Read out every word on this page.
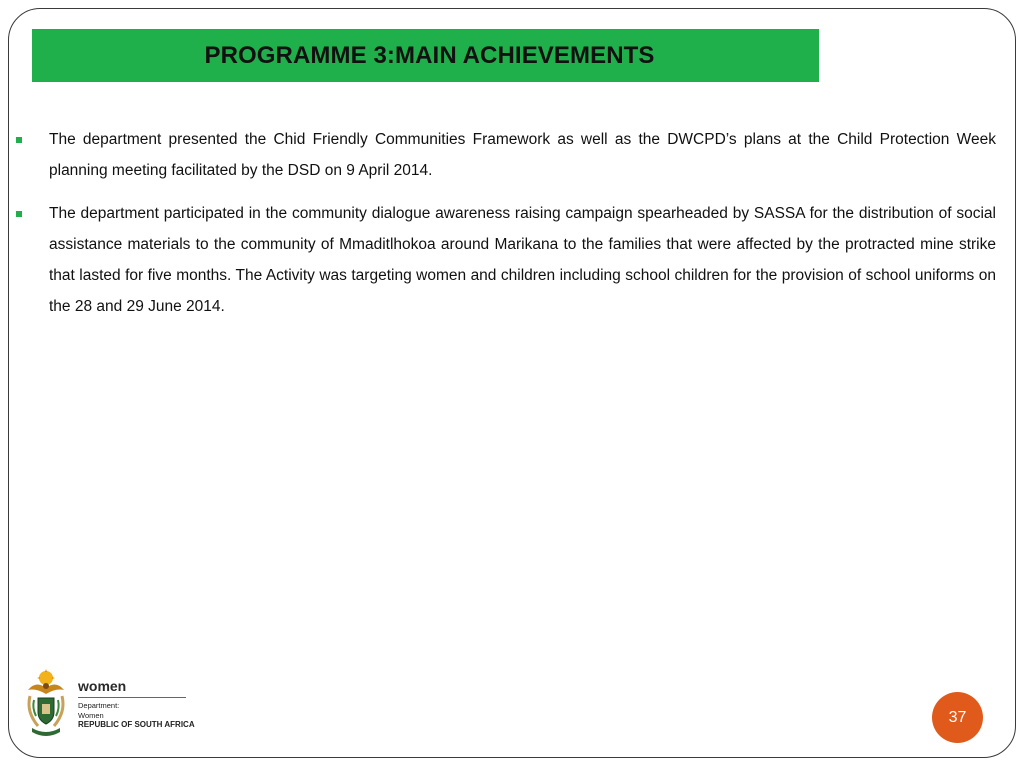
PROGRAMME 3:MAIN ACHIEVEMENTS
The department presented the Chid Friendly Communities Framework as well as the DWCPD’s plans at the Child Protection Week planning meeting facilitated by the DSD on 9 April 2014.
The department participated in the community dialogue awareness raising campaign spearheaded by SASSA for the distribution of social assistance materials to the community of Mmaditlhokoa around Marikana to the families that were affected by the protracted mine strike that lasted for five months. The Activity was targeting women and children including school children for the provision of school uniforms on the 28 and 29 June 2014.
women
Department:
Women
REPUBLIC OF SOUTH AFRICA	37
